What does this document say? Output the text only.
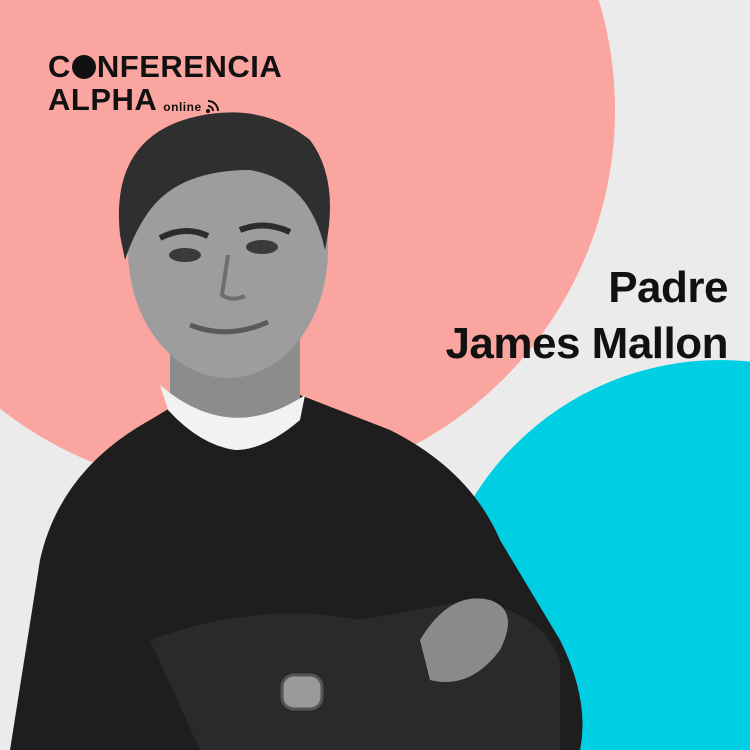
C NFERENCIA
ALPHA online
Padre
James Mallon
